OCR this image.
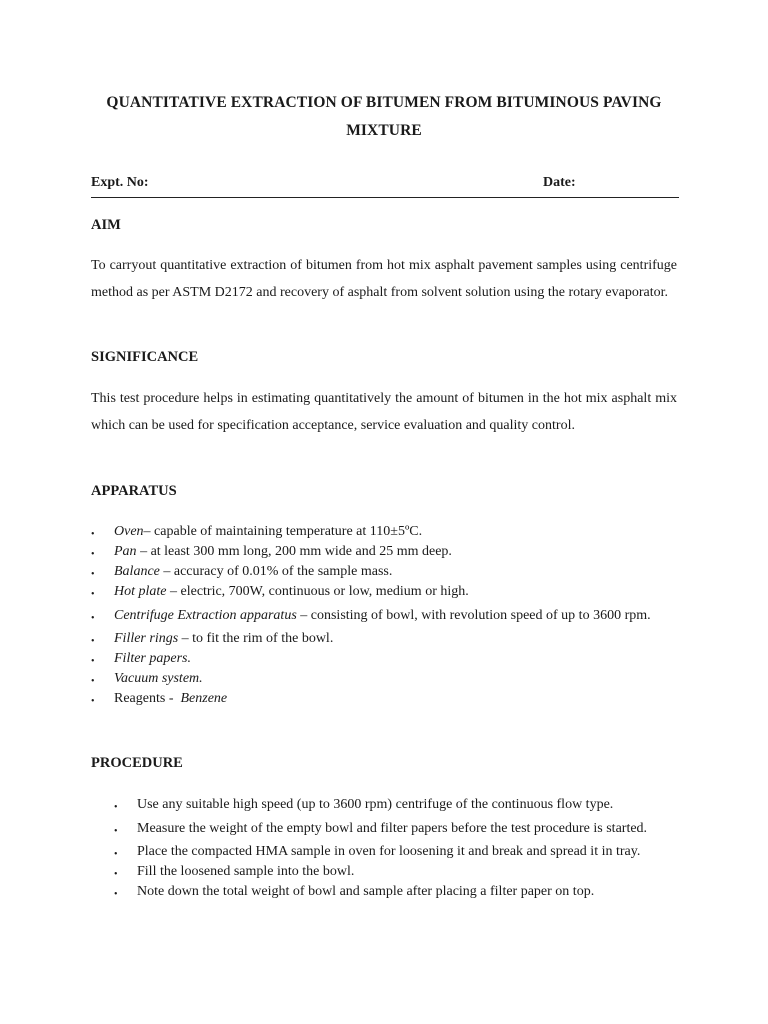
QUANTITATIVE EXTRACTION OF BITUMEN FROM BITUMINOUS PAVING
MIXTURE
Expt. No:	Date:
AIM

To carryout quantitative extraction of bitumen from hot mix asphalt pavement samples using centrifuge method as per ASTM D2172 and recovery of asphalt from solvent solution using the rotary evaporator.

SIGNIFICANCE

This test procedure helps in estimating quantitatively the amount of bitumen in the hot mix asphalt mix which can be used for specification acceptance, service evaluation and quality control.

APPARATUS
• Oven– capable of maintaining temperature at 110±5ºC.
• Pan – at least 300 mm long, 200 mm wide and 25 mm deep.
• Balance – accuracy of 0.01% of the sample mass.
• Hot plate – electric, 700W, continuous or low, medium or high.
• Centrifuge Extraction apparatus – consisting of bowl, with revolution speed of up to 3600 rpm.
• Filler rings – to fit the rim of the bowl.
• Filter papers.
• Vacuum system.
• Reagents -  Benzene
PROCEDURE
• Use any suitable high speed (up to 3600 rpm) centrifuge of the continuous flow type.
• Measure the weight of the empty bowl and filter papers before the test procedure is started.
• Place the compacted HMA sample in oven for loosening it and break and spread it in tray.
• Fill the loosened sample into the bowl.
• Note down the total weight of bowl and sample after placing a filter paper on top.
